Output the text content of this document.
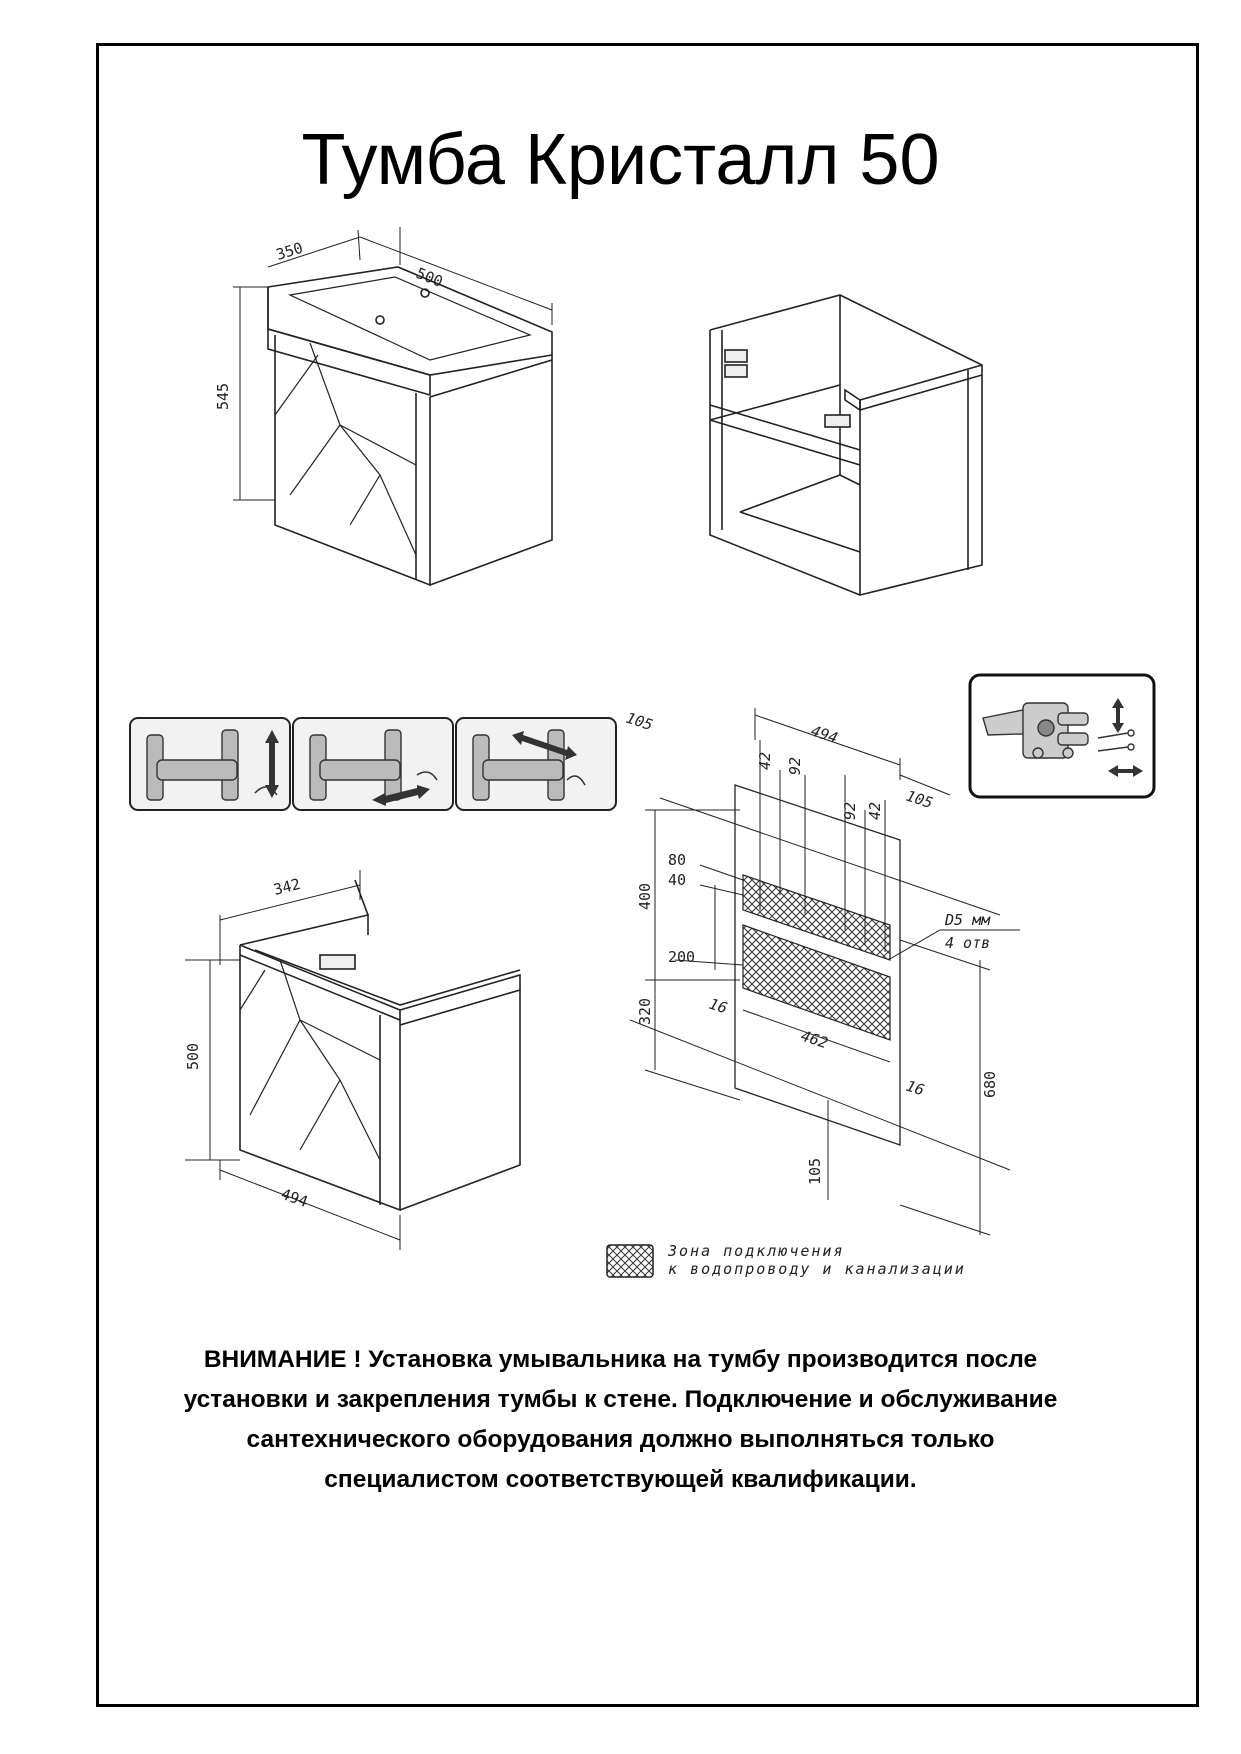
Тумба Кристалл 50
350
500
545
342
500
494
105
494
42 92
92 42 105
80
40
400
200
320	16
462
16	680
105
D5 мм
4 отв
Зона подключения
к водопроводу и канализации
ВНИМАНИЕ ! Установка умывальника на тумбу производится после
установки и закрепления тумбы к стене. Подключение и обслуживание
сантехнического оборудования должно выполняться только
специалистом соответствующей квалификации.
